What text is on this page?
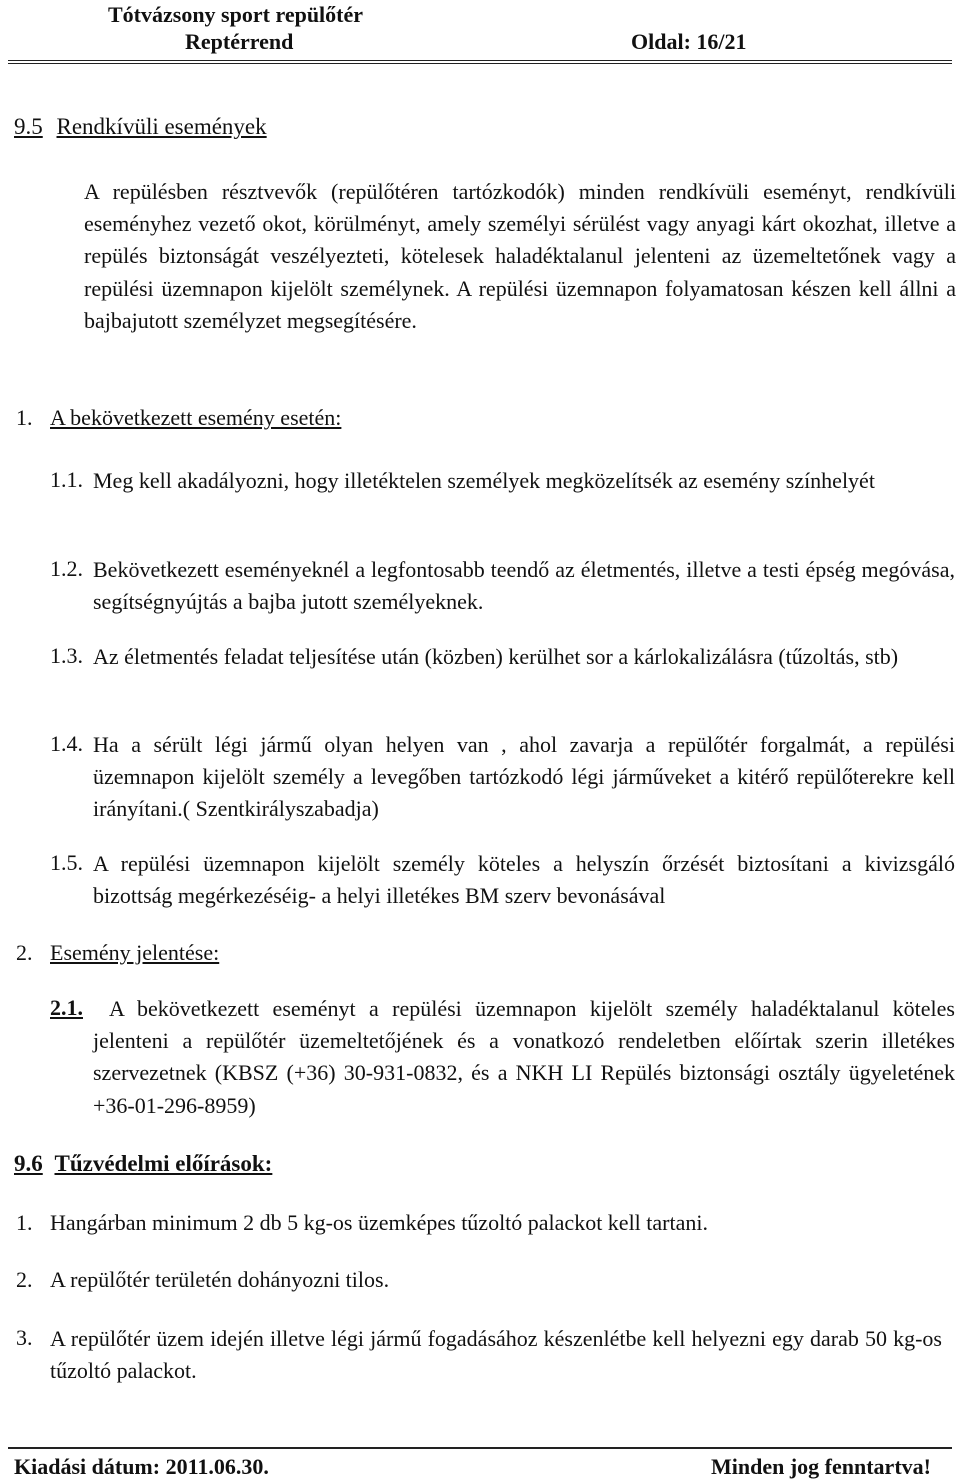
Tótvázsony sport repülőtér
Reptérrend	Oldal: 16/21
9.5 Rendkívüli események
A repülésben résztvevők (repülőtéren tartózkodók) minden rendkívüli eseményt, rendkívüli eseményhez vezető okot, körülményt, amely személyi sérülést vagy anyagi kárt okozhat, illetve a repülés biztonságát veszélyezteti, kötelesek haladéktalanul jelenteni az üzemeltetőnek vagy a repülési üzemnapon kijelölt személynek. A repülési üzemnapon folyamatosan készen kell állni a bajbajutott személyzet megsegítésére.
1. A bekövetkezett esemény esetén:
1.1. Meg kell akadályozni, hogy illetéktelen személyek megközelítsék az esemény színhelyét
1.2. Bekövetkezett eseményeknél a legfontosabb teendő az életmentés, illetve a testi épség megóvása, segítségnyújtás a bajba jutott személyeknek.
1.3. Az életmentés feladat teljesítése után (közben) kerülhet sor a kárlokalizálásra (tűzoltás, stb)
1.4. Ha a sérült légi jármű olyan helyen van , ahol zavarja a repülőtér forgalmát, a repülési üzemnapon kijelölt személy a levegőben tartózkodó légi járműveket a kitérő repülőterekre kell irányítani.( Szentkirályszabadja)
1.5. A repülési üzemnapon kijelölt személy köteles a helyszín őrzését biztosítani a kivizsgáló bizottság megérkezéséig- a helyi illetékes BM szerv bevonásával
2. Esemény jelentése:
2.1.	A bekövetkezett eseményt a repülési üzemnapon kijelölt személy haladéktalanul köteles jelenteni a repülőtér üzemeltetőjének és a vonatkozó rendeletben előírtak szerin illetékes szervezetnek (KBSZ (+36) 30-931-0832, és a NKH LI Repülés biztonsági osztály ügyeletének +36-01-296-8959)
9.6 Tűzvédelmi előírások:
1. Hangárban minimum 2 db 5 kg-os üzemképes tűzoltó palackot kell tartani.
2. A repülőtér területén dohányozni tilos.
3. A repülőtér üzem idején illetve légi jármű fogadásához készenlétbe kell helyezni egy darab 50 kg-os tűzoltó palackot.
Kiadási dátum: 2011.06.30.	Minden jog fenntartva!
